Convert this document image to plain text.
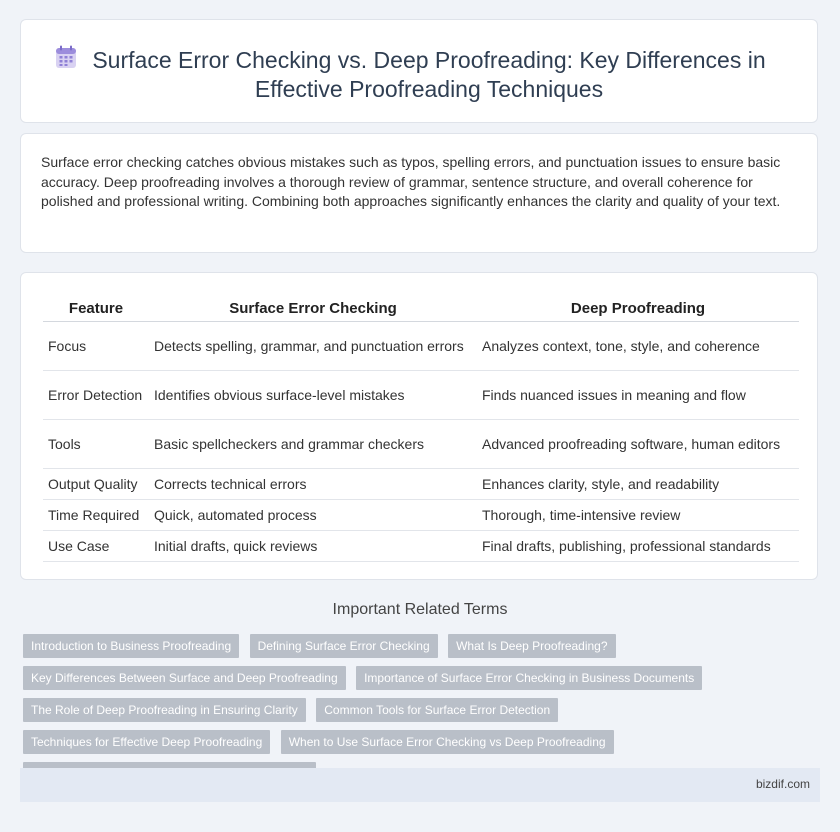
Surface Error Checking vs. Deep Proofreading: Key Differences in Effective Proofreading Techniques
Surface error checking catches obvious mistakes such as typos, spelling errors, and punctuation issues to ensure basic accuracy. Deep proofreading involves a thorough review of grammar, sentence structure, and overall coherence for polished and professional writing. Combining both approaches significantly enhances the clarity and quality of your text.
Feature	Surface Error Checking	Deep Proofreading
Focus	Detects spelling, grammar, and punctuation errors	Analyzes context, tone, style, and coherence
Error Detection	Identifies obvious surface-level mistakes	Finds nuanced issues in meaning and flow
Tools	Basic spellcheckers and grammar checkers	Advanced proofreading software, human editors
Output Quality	Corrects technical errors	Enhances clarity, style, and readability
Time Required	Quick, automated process	Thorough, time-intensive review
Use Case	Initial drafts, quick reviews	Final drafts, publishing, professional standards
Important Related Terms
Introduction to Business Proofreading Defining Surface Error Checking What Is Deep Proofreading? Key Differences Between Surface and Deep Proofreading Importance of Surface Error Checking in Business Documents The Role of Deep Proofreading in Ensuring Clarity Common Tools for Surface Error Detection Techniques for Effective Deep Proofreading When to Use Surface Error Checking vs Deep Proofreading
bizdif.com
